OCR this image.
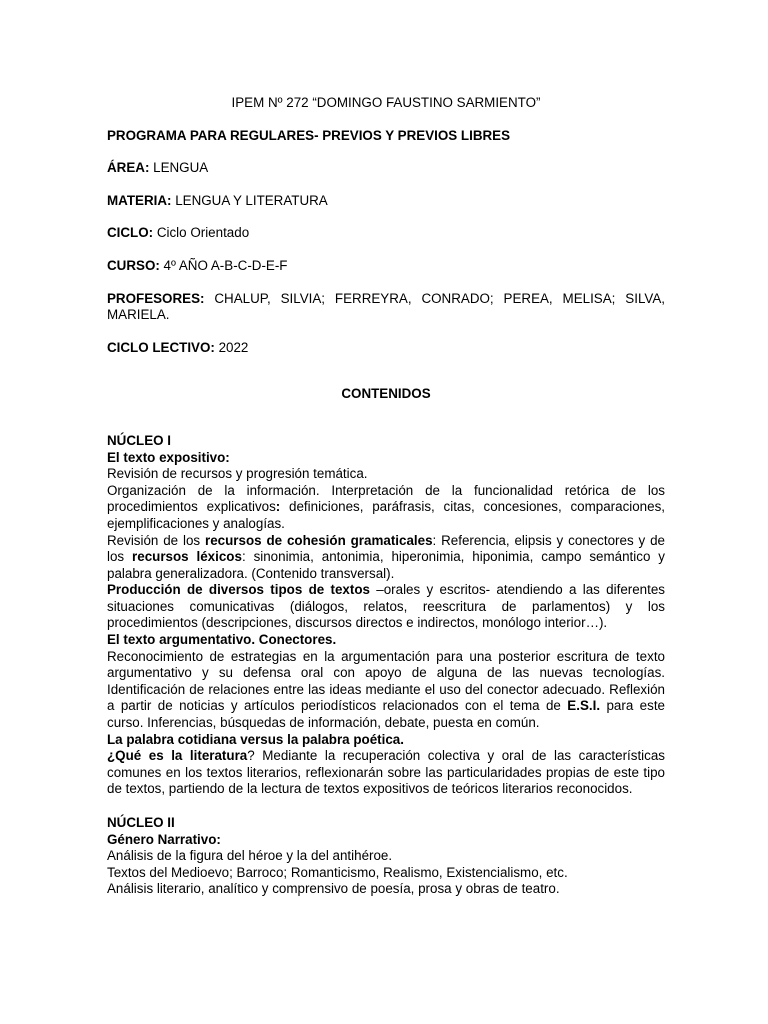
IPEM Nº 272 “DOMINGO FAUSTINO SARMIENTO”

PROGRAMA PARA REGULARES- PREVIOS Y PREVIOS LIBRES

ÁREA: LENGUA

MATERIA: LENGUA Y LITERATURA

CICLO: Ciclo Orientado

CURSO: 4º AÑO A-B-C-D-E-F

PROFESORES: CHALUP, SILVIA; FERREYRA, CONRADO; PEREA, MELISA; SILVA, MARIELA.

CICLO LECTIVO: 2022

CONTENIDOS

NÚCLEO I

El texto expositivo:

Revisión de recursos y progresión temática.

Organización de la información. Interpretación de la funcionalidad retórica de los procedimientos explicativos: definiciones, paráfrasis, citas, concesiones, comparaciones, ejemplificaciones y analogías.

Revisión de los recursos de cohesión gramaticales: Referencia, elipsis y conectores y de los recursos léxicos: sinonimia, antonimia, hiperonimia, hiponimia, campo semántico y palabra generalizadora. (Contenido transversal).

Producción de diversos tipos de textos –orales y escritos- atendiendo a las diferentes situaciones comunicativas (diálogos, relatos, reescritura de parlamentos) y los procedimientos (descripciones, discursos directos e indirectos, monólogo interior…).

El texto argumentativo. Conectores.

Reconocimiento de estrategias en la argumentación para una posterior escritura de texto argumentativo y su defensa oral con apoyo de alguna de las nuevas tecnologías. Identificación de relaciones entre las ideas mediante el uso del conector adecuado. Reflexión a partir de noticias y artículos periodísticos relacionados con el tema de E.S.I. para este curso. Inferencias, búsquedas de información, debate, puesta en común.

La palabra cotidiana versus la palabra poética.

¿Qué es la literatura? Mediante la recuperación colectiva y oral de las características comunes en los textos literarios, reflexionarán sobre las particularidades propias de este tipo de textos, partiendo de la lectura de textos expositivos de teóricos literarios reconocidos.

NÚCLEO II

Género Narrativo:

Análisis de la figura del héroe y la del antihéroe.

Textos del Medioevo; Barroco; Romanticismo, Realismo, Existencialismo, etc.

Análisis literario, analítico y comprensivo de poesía, prosa y obras de teatro.
